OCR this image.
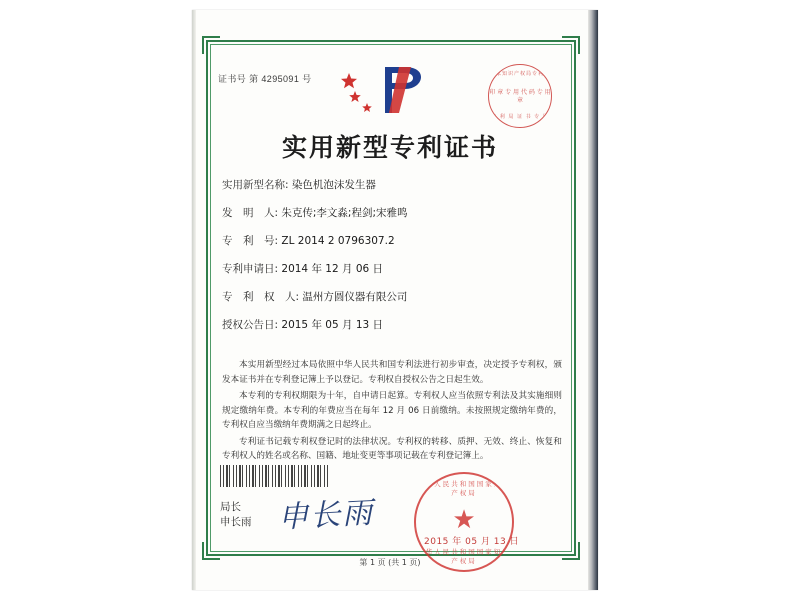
证书号 第 4295091 号	国家知识产权局专利局
印 章 专 用 代 码 专 用 章
专 利 局 证 书 专 用
实用新型专利证书
实用新型名称: 染色机泡沫发生器
发　明　人: 朱克传;李文淼;程剑;宋雅鸣
专　利　号: ZL 2014 2 0796307.2
专利申请日: 2014 年 12 月 06 日
专　利　权　人: 温州方圆仪器有限公司
授权公告日: 2015 年 05 月 13 日

本实用新型经过本局依照中华人民共和国专利法进行初步审查，决定授予专利权，颁发本证书并在专利登记簿上予以登记。专利权自授权公告之日起生效。

本专利的专利权期限为十年，自申请日起算。专利权人应当依照专利法及其实施细则规定缴纳年费。本专利的年费应当在每年 12 月 06 日前缴纳。未按照规定缴纳年费的，专利权自应当缴纳年费期满之日起终止。

专利证书记载专利权登记时的法律状况。专利权的转移、质押、无效、终止、恢复和专利权人的姓名或名称、国籍、地址变更等事项记载在专利登记簿上。

局长
申长雨 申长雨
中华人民共和国国家知识产权局
★
中华人民共和国国家知识产权局
2015 年 05 月 13 日
第 1 页 (共 1 页)
